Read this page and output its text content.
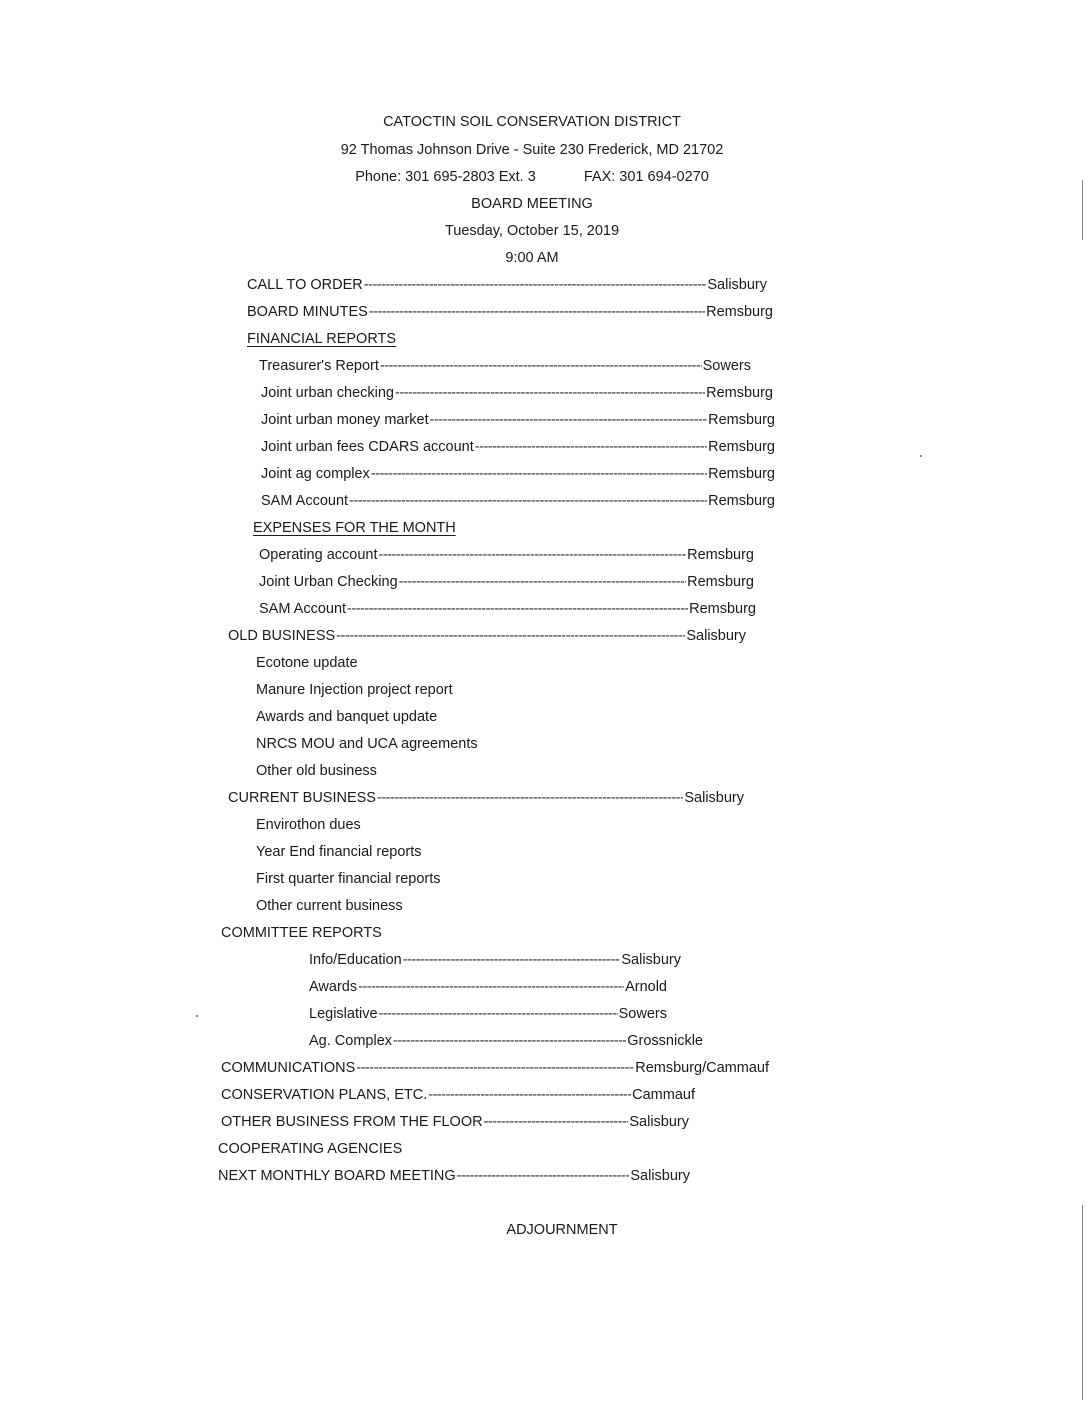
CATOCTIN SOIL CONSERVATION DISTRICT
92 Thomas Johnson Drive - Suite 230 Frederick, MD 21702
Phone: 301 695-2803 Ext. 3	FAX: 301 694-0270
BOARD MEETING
Tuesday, October 15, 2019
9:00 AM
CALL TO ORDER -----	Salisbury
BOARD MINUTES -----	Remsburg
FINANCIAL REPORTS
Treasurer's Report -----	Sowers
Joint urban checking -----	Remsburg
Joint urban money market -----	Remsburg
Joint urban fees CDARS account -----	Remsburg
Joint ag complex -----	Remsburg
SAM Account -----	Remsburg
EXPENSES FOR THE MONTH
Operating account -----	Remsburg
Joint Urban Checking -----	Remsburg
SAM Account -----	Remsburg
OLD BUSINESS -----	Salisbury
Ecotone update
Manure Injection project report
Awards and banquet update
NRCS MOU and UCA agreements
Other old business
CURRENT BUSINESS -----	Salisbury
Envirothon dues
Year End financial reports
First quarter financial reports
Other current business
COMMITTEE REPORTS
Info/Education -----	Salisbury
Awards -----	Arnold
Legislative -----	Sowers
Ag. Complex -----	Grossnickle
COMMUNICATIONS -----	Remsburg/Cammauf
CONSERVATION PLANS, ETC. -----	Cammauf
OTHER BUSINESS FROM THE FLOOR -----	Salisbury
COOPERATING AGENCIES
NEXT MONTHLY BOARD MEETING -----	Salisbury
ADJOURNMENT
